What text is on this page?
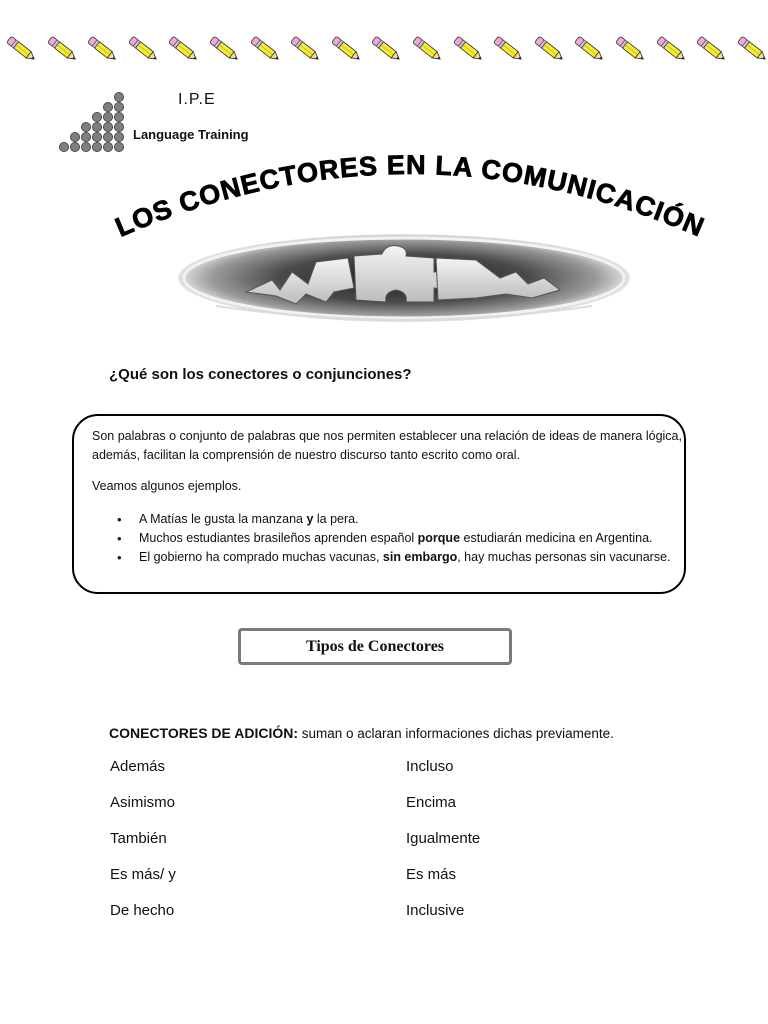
I.P.E
Language Training
LOS CONECTORES EN LA COMUNICACIÓN
¿Qué son los conectores o conjunciones?

Son palabras o conjunto de palabras que nos permiten establecer una relación de ideas de manera lógica, además, facilitan la comprensión de nuestro discurso tanto escrito como oral.

Veamos algunos ejemplos.
• A Matías le gusta la manzana y la pera.
• Muchos estudiantes brasileños aprenden español porque estudiarán medicina en Argentina.
• El gobierno ha comprado muchas vacunas, sin embargo, hay muchas personas sin vacunarse.
Tipos de Conectores
CONECTORES DE ADICIÓN: suman o aclaran informaciones dichas previamente.
Además
Asimismo
También
Es más/ y
De hecho
Incluso
Encima
Igualmente
Es más
Inclusive
